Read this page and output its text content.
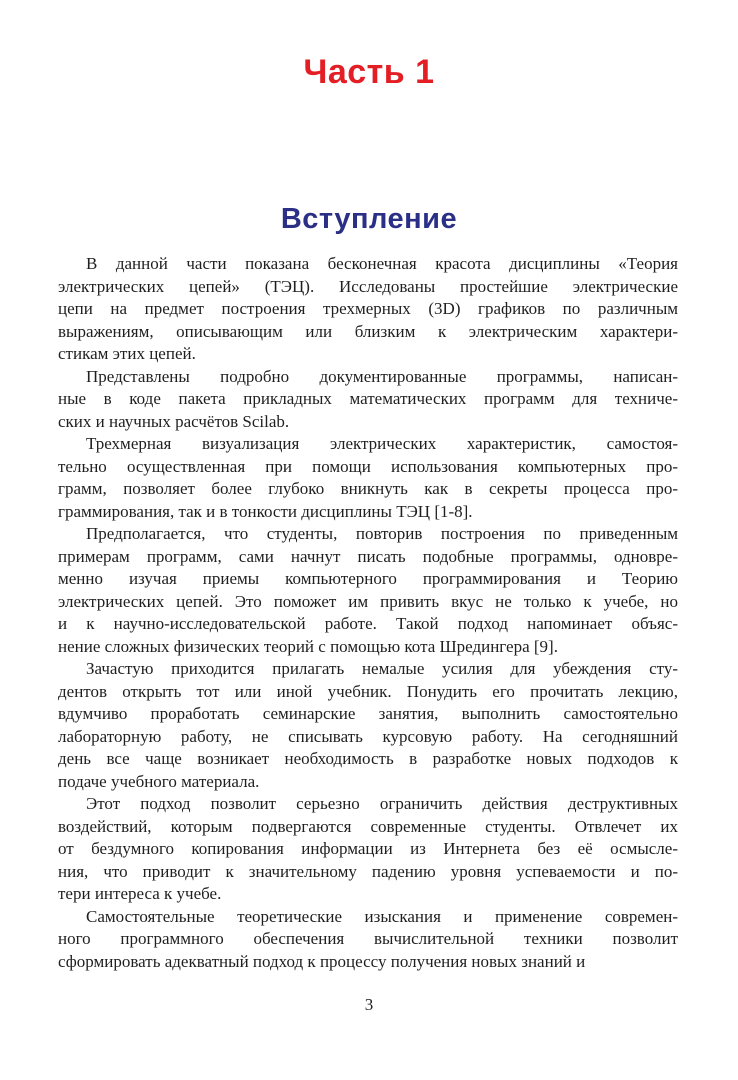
Часть 1
Вступление

В данной части показана бесконечная красота дисциплины «Теория
электрических цепей» (ТЭЦ). Исследованы простейшие электрические
цепи на предмет построения трехмерных (3D) графиков по различным
выражениям, описывающим или близким к электрическим характери-
стикам этих цепей.

Представлены подробно документированные программы, написан-
ные в коде пакета прикладных математических программ для техниче-
ских и научных расчётов Scilab.

Трехмерная визуализация электрических характеристик, самостоя-
тельно осуществленная при помощи использования компьютерных про-
грамм, позволяет более глубоко вникнуть как в секреты процесса про-
граммирования, так и в тонкости дисциплины ТЭЦ [1-8].

Предполагается, что студенты, повторив построения по приведенным
примерам программ, сами начнут писать подобные программы, одновре-
менно изучая приемы компьютерного программирования и Теорию
электрических цепей. Это поможет им привить вкус не только к учебе, но
и к научно-исследовательской работе. Такой подход напоминает объяс-
нение сложных физических теорий с помощью кота Шредингера [9].

Зачастую приходится прилагать немалые усилия для убеждения сту-
дентов открыть тот или иной учебник. Понудить его прочитать лекцию,
вдумчиво проработать семинарские занятия, выполнить самостоятельно
лабораторную работу, не списывать курсовую работу. На сегодняшний
день все чаще возникает необходимость в разработке новых подходов к
подаче учебного материала.

Этот подход позволит серьезно ограничить действия деструктивных
воздействий, которым подвергаются современные студенты. Отвлечет их
от бездумного копирования информации из Интернета без её осмысле-
ния, что приводит к значительному падению уровня успеваемости и по-
тери интереса к учебе.

Самостоятельные теоретические изыскания и применение современ-
ного программного обеспечения вычислительной техники позволит
сформировать адекватный подход к процессу получения новых знаний и

3
